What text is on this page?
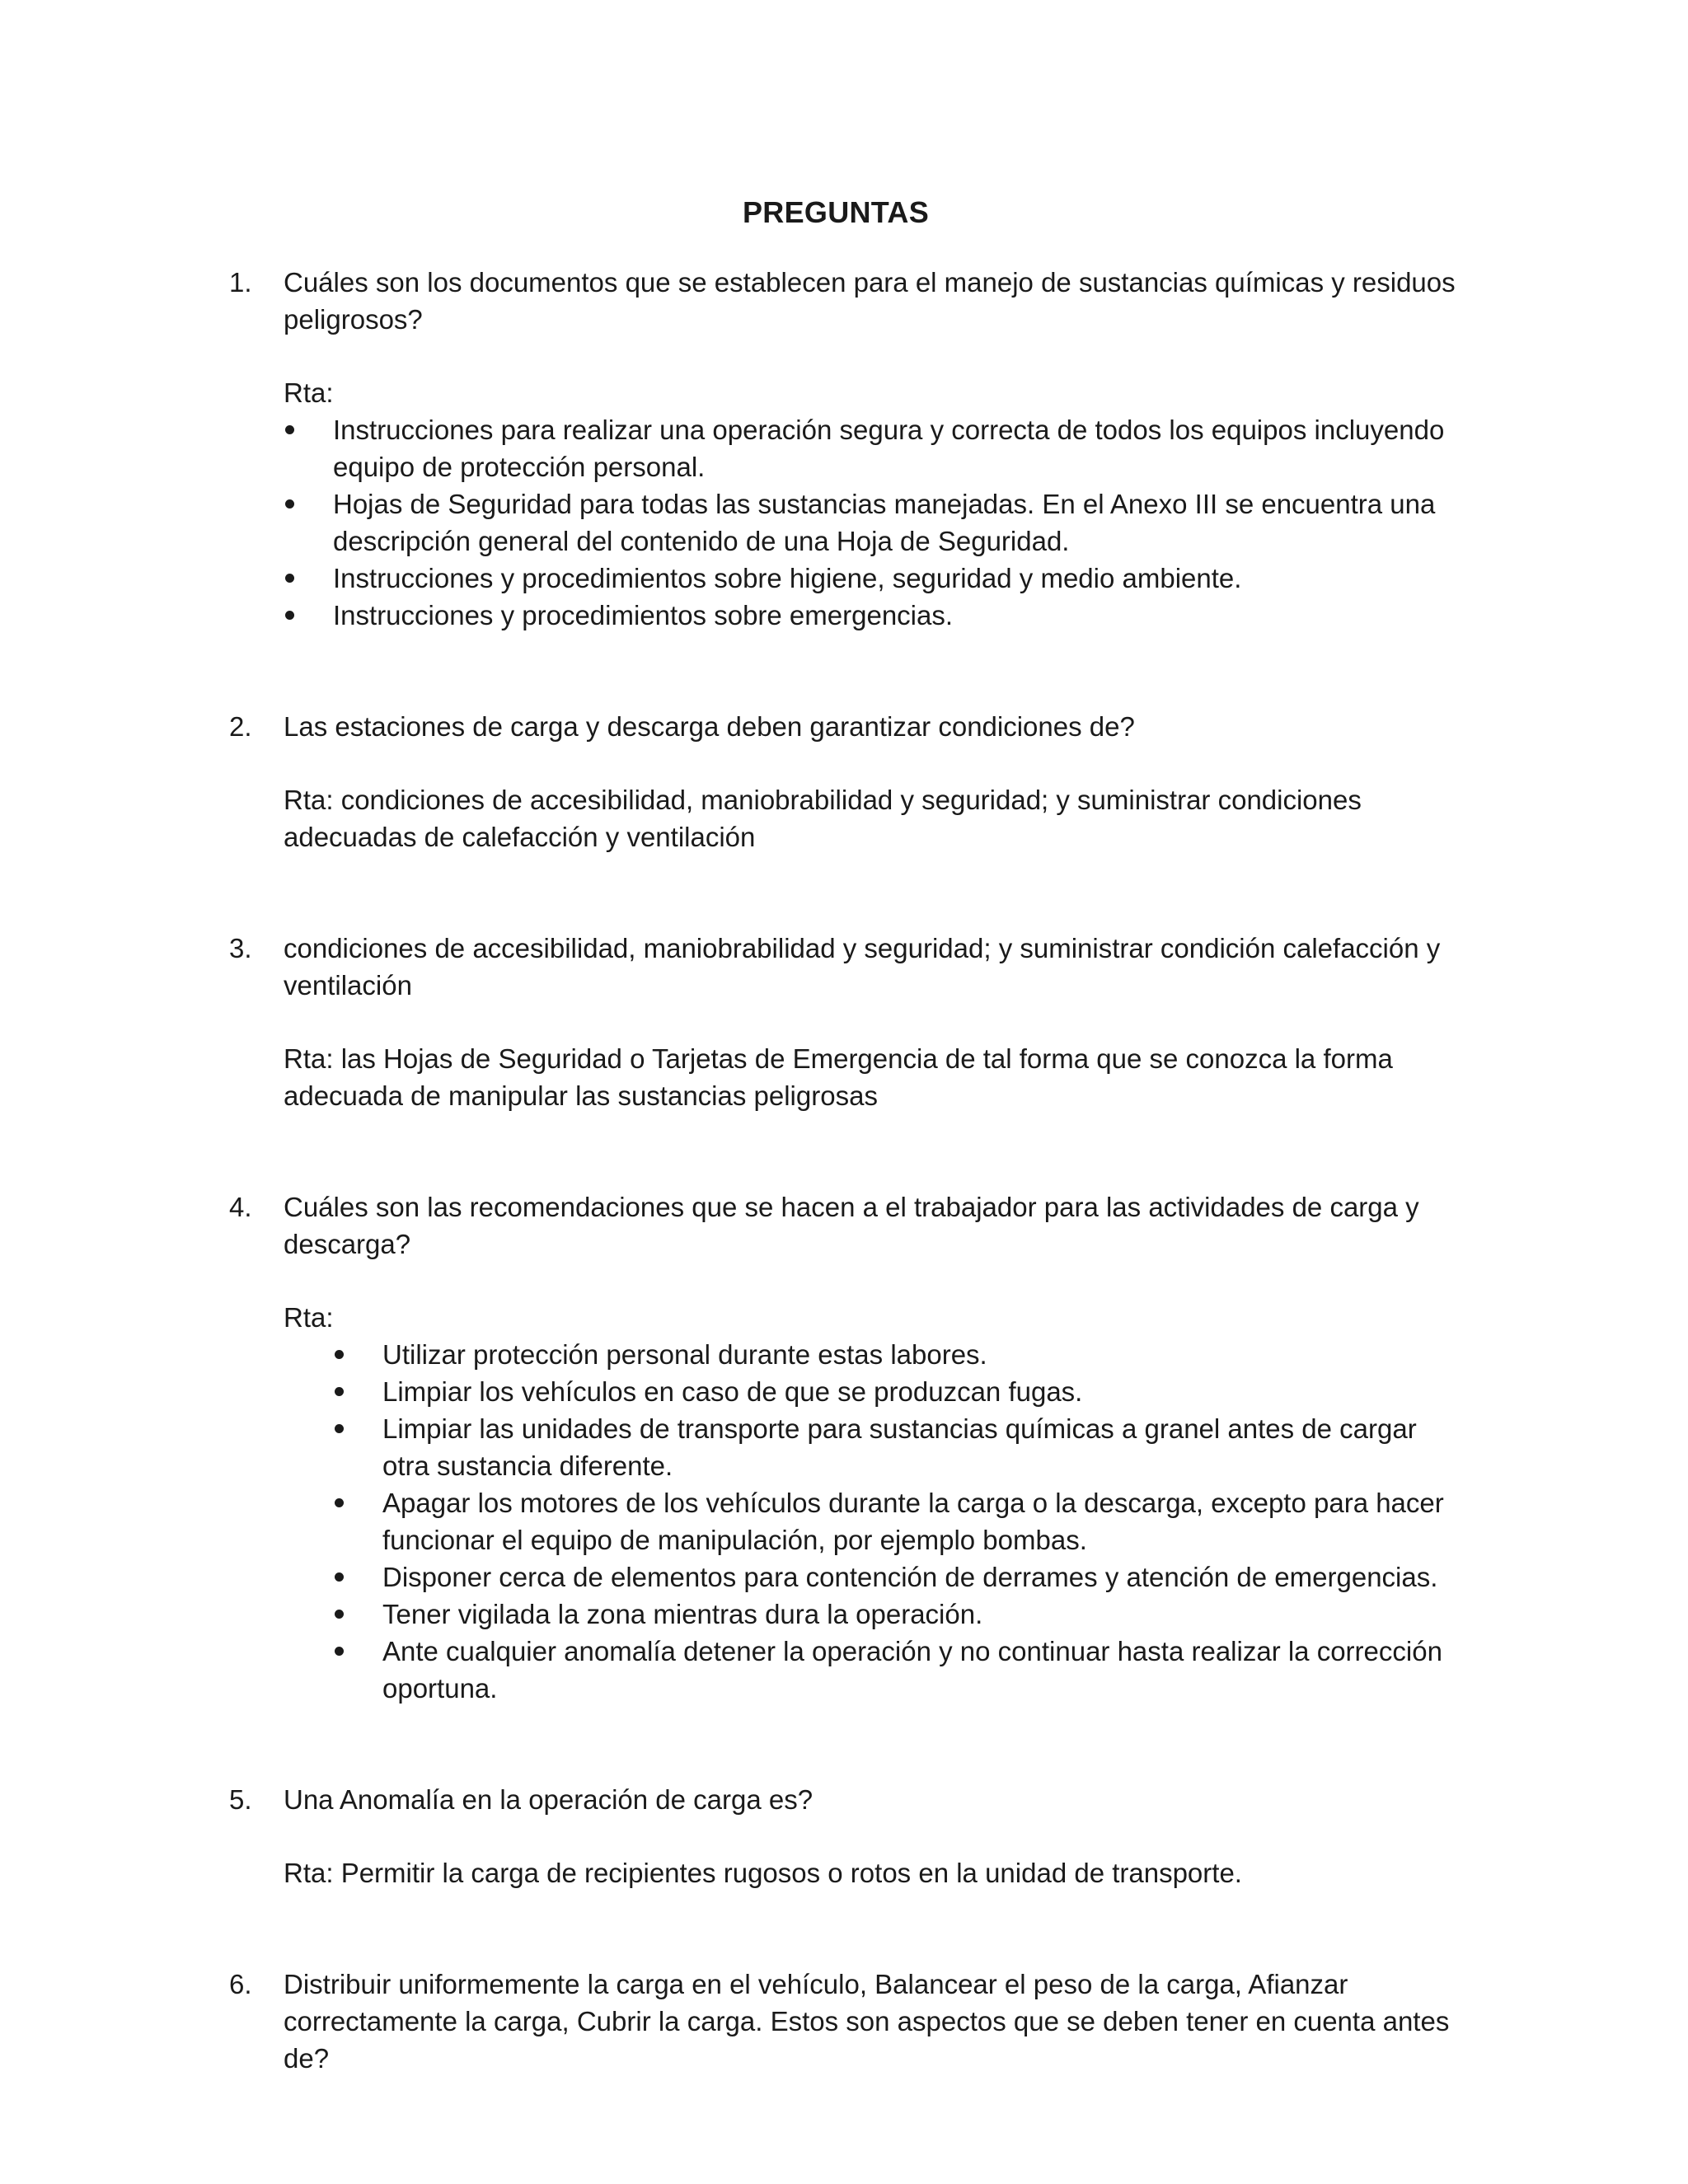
PREGUNTAS
1.	Cuáles son los documentos que se establecen para el manejo de sustancias químicas y residuos peligrosos?

Rta:

Instrucciones para realizar una operación segura y correcta de todos los equipos incluyendo equipo de protección personal.
Hojas de Seguridad para todas las sustancias manejadas. En el Anexo III se encuentra una descripción general del contenido de una Hoja de Seguridad.
Instrucciones y procedimientos sobre higiene, seguridad y medio ambiente.
Instrucciones y procedimientos sobre emergencias.
2.	Las estaciones de carga y descarga deben garantizar condiciones de?

Rta: condiciones de accesibilidad, maniobrabilidad y seguridad; y suministrar condiciones adecuadas de calefacción y ventilación

3.	condiciones de accesibilidad, maniobrabilidad y seguridad; y suministrar condición calefacción y ventilación

Rta: las Hojas de Seguridad o Tarjetas de Emergencia de tal forma que se conozca la forma adecuada de manipular las sustancias peligrosas

4.	Cuáles son las recomendaciones que se hacen a el trabajador para las actividades de carga y descarga?

Rta:

Utilizar protección personal durante estas labores.
Limpiar los vehículos en caso de que se produzcan fugas.
Limpiar las unidades de transporte para sustancias químicas a granel antes de cargar otra sustancia diferente.
Apagar los motores de los vehículos durante la carga o la descarga, excepto para hacer funcionar el equipo de manipulación, por ejemplo bombas.
Disponer cerca de elementos para contención de derrames y atención de emergencias.
Tener vigilada la zona mientras dura la operación.
Ante cualquier anomalía detener la operación y no continuar hasta realizar la corrección oportuna.
5.	Una Anomalía en la operación de carga es?

Rta: Permitir la carga de recipientes rugosos o rotos en la unidad de transporte.

6.	Distribuir uniformemente la carga en el vehículo, Balancear el peso de la carga, Afianzar correctamente la carga, Cubrir la carga. Estos son aspectos que se deben tener en cuenta antes de?
